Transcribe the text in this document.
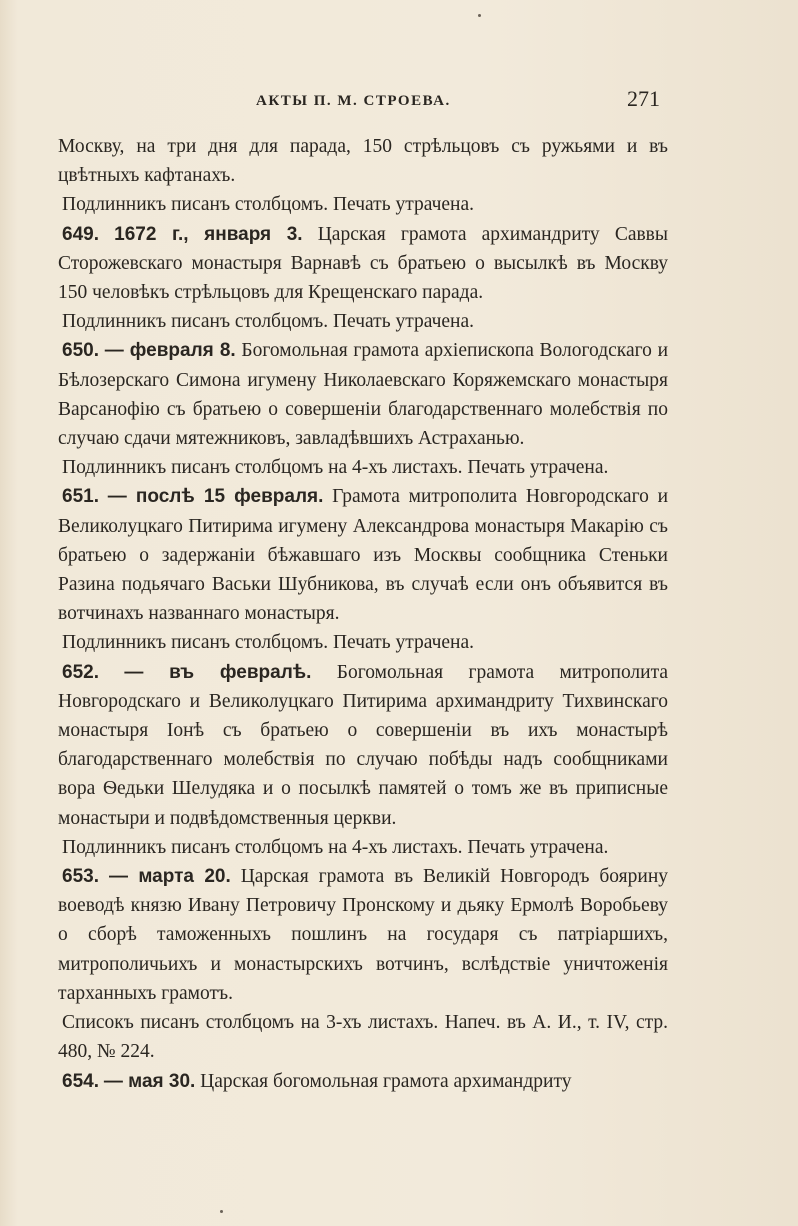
АКТЫ П. М. СТРОЕВА.	271

Москву, на три дня для парада, 150 стрѣльцовъ съ ружьями и въ цвѣтныхъ кафтанахъ.

Подлинникъ писанъ столбцомъ. Печать утрачена.

649. 1672 г., января 3. Царская грамота архимандриту Саввы Сторожевскаго монастыря Варнавѣ съ братьею о высылкѣ въ Москву 150 человѣкъ стрѣльцовъ для Крещенскаго парада.

Подлинникъ писанъ столбцомъ. Печать утрачена.

650. — февраля 8. Богомольная грамота архіепископа Вологодскаго и Бѣлозерскаго Симона игумену Николаевскаго Коряжемскаго монастыря Варсанофію съ братьею о совершеніи благодарственнаго молебствія по случаю сдачи мятежниковъ, завладѣвшихъ Астраханью.

Подлинникъ писанъ столбцомъ на 4-хъ листахъ. Печать утрачена.

651. — послѣ 15 февраля. Грамота митрополита Новгородскаго и Великолуцкаго Питирима игумену Александрова монастыря Макарію съ братьею о задержаніи бѣжавшаго изъ Москвы сообщника Стеньки Разина подьячаго Васьки Шубникова, въ случаѣ если онъ объявится въ вотчинахъ названнаго монастыря.

Подлинникъ писанъ столбцомъ. Печать утрачена.

652. — въ февралѣ. Богомольная грамота митрополита Новгородскаго и Великолуцкаго Питирима архимандриту Тихвинскаго монастыря Іонѣ съ братьею о совершеніи въ ихъ монастырѣ благодарственнаго молебствія по случаю побѣды надъ сообщниками вора Ѳедьки Шелудяка и о посылкѣ памятей о томъ же въ приписные монастыри и подвѣдомственныя церкви.

Подлинникъ писанъ столбцомъ на 4-хъ листахъ. Печать утрачена.

653. — марта 20. Царская грамота въ Великій Новгородъ боярину воеводѣ князю Ивану Петровичу Пронскому и дьяку Ермолѣ Воробьеву о сборѣ таможенныхъ пошлинъ на государя съ патріаршихъ, митрополичьихъ и монастырскихъ вотчинъ, вслѣдствіе уничтоженія тарханныхъ грамотъ.

Списокъ писанъ столбцомъ на 3-хъ листахъ. Напеч. въ А. И., т. IV, стр. 480, № 224.

654. — мая 30. Царская богомольная грамота архимандриту
